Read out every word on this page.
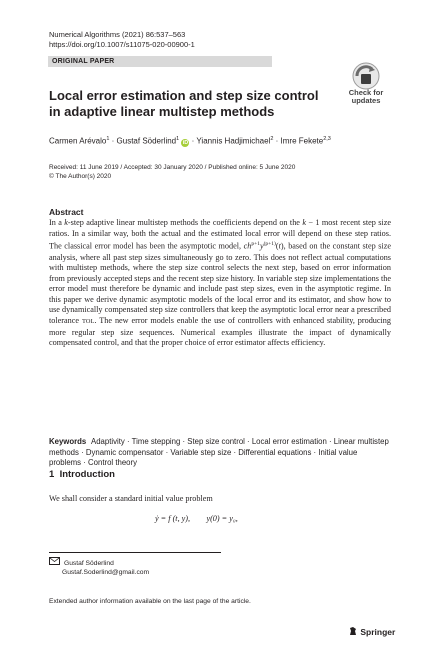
Numerical Algorithms (2021) 86:537–563
https://doi.org/10.1007/s11075-020-00900-1
ORIGINAL PAPER
Local error estimation and step size control
in adaptive linear multistep methods
Check for
updates
Carmen Arévalo$^1$ · Gustaf Söderlind$^1$ iD · Yiannis Hadjimichael$^2$ · Imre Fekete$^{2,3}$
Received: 11 June 2019 / Accepted: 30 January 2020 / Published online: 5 June 2020
© The Author(s) 2020
Abstract
In a k-step adaptive linear multistep methods the coefficients depend on the k − 1 most recent step size ratios. In a similar way, both the actual and the estimated local error will depend on these step ratios. The classical error model has been the asymptotic model, $ch^{p+1}y^{(p+1)}(t)$, based on the constant step size analysis, where all past step sizes simultaneously go to zero. This does not reflect actual computations with multistep methods, where the step size control selects the next step, based on error information from previously accepted steps and the recent step size history. In variable step size implementations the error model must therefore be dynamic and include past step sizes, even in the asymptotic regime. In this paper we derive dynamic asymptotic models of the local error and its estimator, and show how to use dynamically compensated step size controllers that keep the asymptotic local error near a prescribed tolerance TOL. The new error models enable the use of controllers with enhanced stability, producing more regular step size sequences. Numerical examples illustrate the impact of dynamically compensated control, and that the proper choice of error estimator affects efficiency.
Keywords Adaptivity · Time stepping · Step size control · Local error estimation · Linear multistep methods · Dynamic compensator · Variable step size · Differential equations · Initial value problems · Control theory
1 Introduction
We shall consider a standard initial value problem
ẏ = f (t, y),        y(0) = y₀,
Gustaf Söderlind
Gustaf.Soderlind@gmail.com
Extended author information available on the last page of the article.
Springer
